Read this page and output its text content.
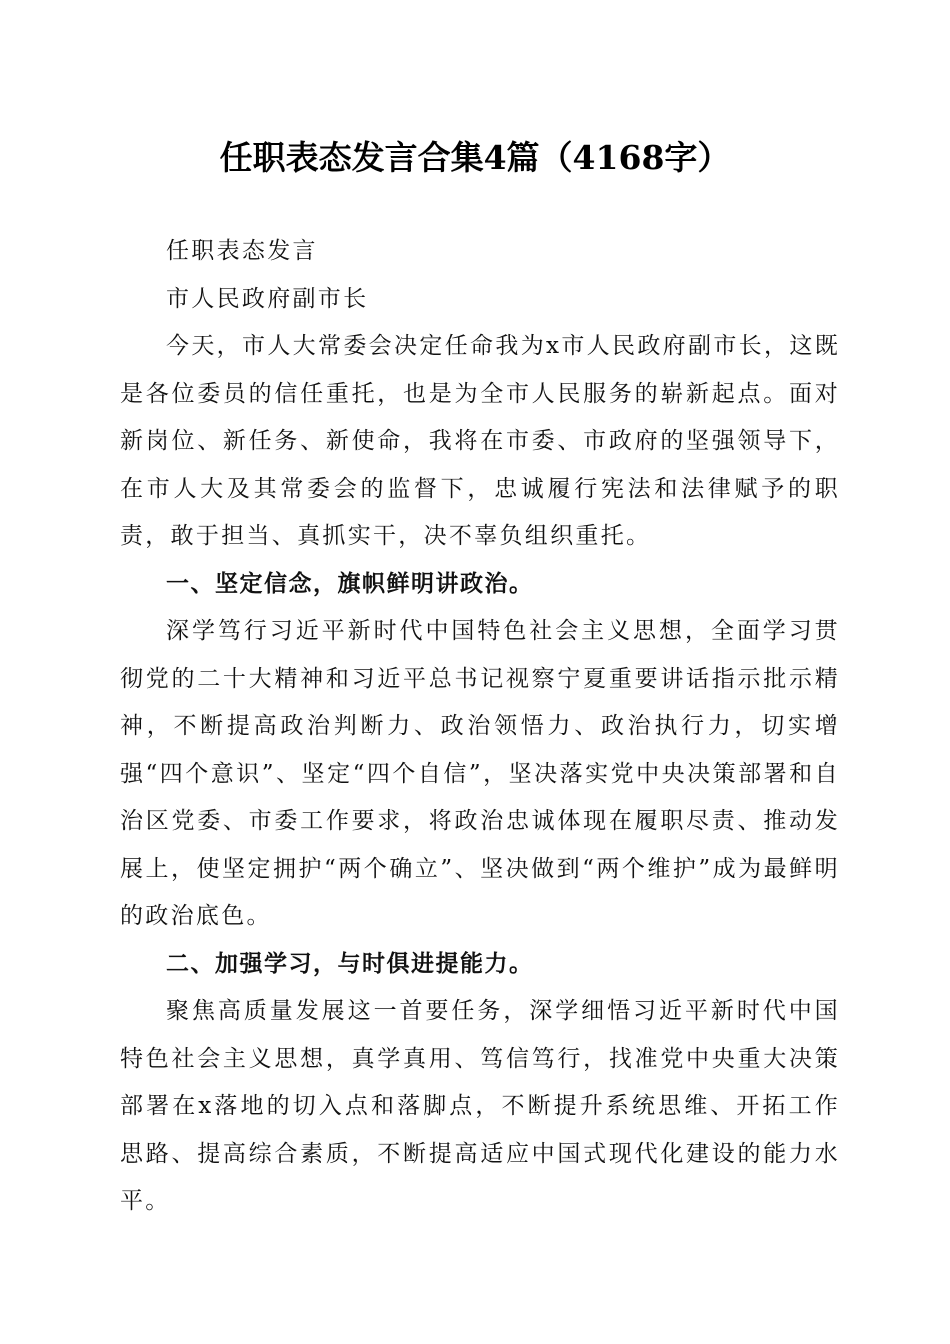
任职表态发言合集4篇（4168字）

任职表态发言

市人民政府副市长

今天，市人大常委会决定任命我为x市人民政府副市长，这既是各位委员的信任重托，也是为全市人民服务的崭新起点。面对新岗位、新任务、新使命，我将在市委、市政府的坚强领导下，在市人大及其常委会的监督下，忠诚履行宪法和法律赋予的职责，敢于担当、真抓实干，决不辜负组织重托。

一、坚定信念，旗帜鲜明讲政治。

深学笃行习近平新时代中国特色社会主义思想，全面学习贯彻党的二十大精神和习近平总书记视察宁夏重要讲话指示批示精神，不断提高政治判断力、政治领悟力、政治执行力，切实增强“四个意识”、坚定“四个自信”，坚决落实党中央决策部署和自治区党委、市委工作要求，将政治忠诚体现在履职尽责、推动发展上，使坚定拥护“两个确立”、坚决做到“两个维护”成为最鲜明的政治底色。

二、加强学习，与时俱进提能力。

聚焦高质量发展这一首要任务，深学细悟习近平新时代中国特色社会主义思想，真学真用、笃信笃行，找准党中央重大决策部署在x落地的切入点和落脚点，不断提升系统思维、开拓工作思路、提高综合素质，不断提高适应中国式现代化建设的能力水平。
